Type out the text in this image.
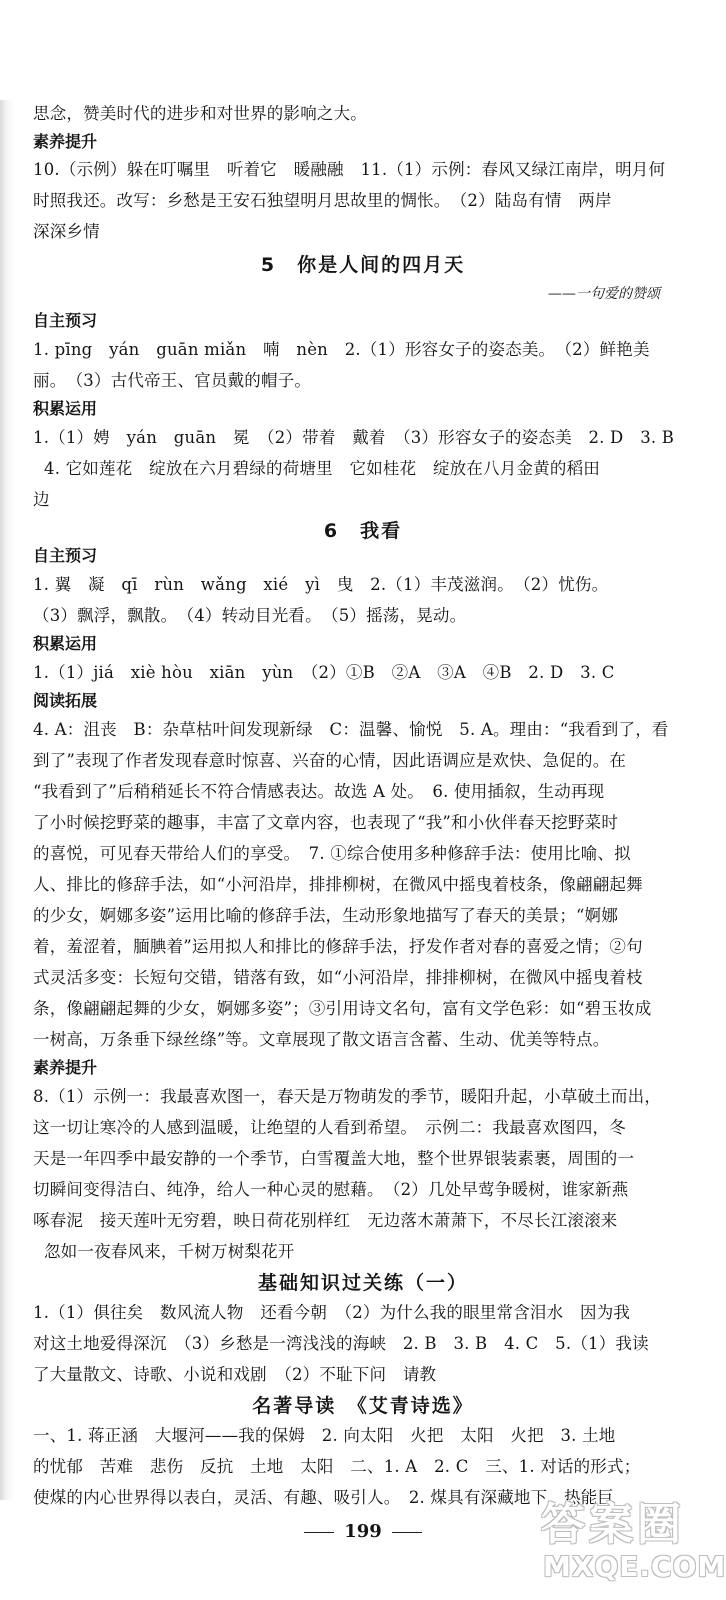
思念，赞美时代的进步和对世界的影响之大。
素养提升
10.（示例）躲在叮嘱里　听着它　暖融融　11.（1）示例：春风又绿江南岸，明月何
时照我还。改写：乡愁是王安石独望明月思故里的惆怅。　（2）陆岛有情　两岸
深深乡情
5　你是人间的四月天
——一句爱的赞颂
自主预习
1. pīng　yán　guān miǎn　喃　nèn　2.（1）形容女子的姿态美。　（2）鲜艳美
丽。　（3）古代帝王、官员戴的帽子。
积累运用
1.（1）娉　yán　guān　冕　（2）带着　戴着　（3）形容女子的姿态美　2. D　3. B
4. 它如莲花　绽放在六月碧绿的荷塘里　它如桂花　绽放在八月金黄的稻田
边
6　我看
自主预习
1. 翼　凝　qī　rùn　wǎng　xié　yì　曳　2.（1）丰茂滋润。　（2）忧伤。
（3）飘浮，飘散。　（4）转动目光看。　（5）摇荡，晃动。
积累运用
1.（1）jiá　xiè hòu　xiān　yùn　（2）①B　②A　③A　④B　2. D　3. C
阅读拓展
4. A：沮丧　B：杂草枯叶间发现新绿　C：温馨、愉悦　5. A。理由：“我看到了，看
到了”表现了作者发现春意时惊喜、兴奋的心情，因此语调应是欢快、急促的。在
“我看到了”后稍稍延长不符合情感表达。故选 A 处。　6. 使用插叙，生动再现
了小时候挖野菜的趣事，丰富了文章内容，也表现了“我”和小伙伴春天挖野菜时
的喜悦，可见春天带给人们的享受。　7. ①综合使用多种修辞手法：使用比喻、拟
人、排比的修辞手法，如“小河沿岸，排排柳树，在微风中摇曳着枝条，像翩翩起舞
的少女，婀娜多姿”运用比喻的修辞手法，生动形象地描写了春天的美景；“婀娜
着，羞涩着，腼腆着”运用拟人和排比的修辞手法，抒发作者对春的喜爱之情；②句
式灵活多变：长短句交错，错落有致，如“小河沿岸，排排柳树，在微风中摇曳着枝
条，像翩翩起舞的少女，婀娜多姿”；③引用诗文名句，富有文学色彩：如“碧玉妆成
一树高，万条垂下绿丝绦”等。文章展现了散文语言含蓄、生动、优美等特点。
素养提升
8.（1）示例一：我最喜欢图一，春天是万物萌发的季节，暖阳升起，小草破土而出，
这一切让寒冷的人感到温暖，让绝望的人看到希望。　示例二：我最喜欢图四，冬
天是一年四季中最安静的一个季节，白雪覆盖大地，整个世界银装素裹，周围的一
切瞬间变得洁白、纯净，给人一种心灵的慰藉。　（2）几处早莺争暖树，谁家新燕
啄春泥　接天莲叶无穷碧，映日荷花别样红　无边落木萧萧下，不尽长江滚滚来
忽如一夜春风来，千树万树梨花开
基础知识过关练（一）
1.（1）俱往矣　数风流人物　还看今朝　（2）为什么我的眼里常含泪水　因为我
对这土地爱得深沉　（3）乡愁是一湾浅浅的海峡　2. B　3. B　4. C　5.（1）我读
了大量散文、诗歌、小说和戏剧　（2）不耻下问　请教
名著导读　《艾青诗选》
一、1. 蒋正涵　大堰河——我的保姆　2. 向太阳　火把　太阳　火把　3. 土地
的忧郁　苦难　悲伤　反抗　土地　太阳　二、1. A　2. C　三、1. 对话的形式；
使煤的内心世界得以表白，灵活、有趣、吸引人。　2. 煤具有深藏地下、热能巨
199	答案圈
MXQE.COM
